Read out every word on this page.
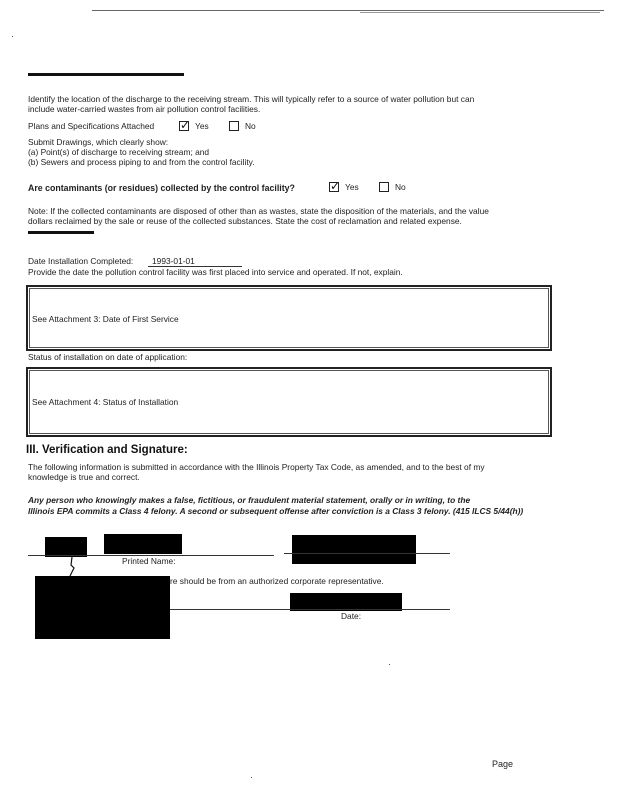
Identify the location of the discharge to the receiving stream. This will typically refer to a source of water pollution but can
include water-carried wastes from air pollution control facilities.
Plans and Specifications Attached ✓	Yes	No
Submit Drawings, which clearly show:
(a) Point(s) of discharge to receiving stream; and
(b) Sewers and process piping to and from the control facility.
Are contaminants (or residues) collected by the control facility? ✓	Yes	No
Note: If the collected contaminants are disposed of other than as wastes, state the disposition of the materials, and the value
dollars reclaimed by the sale or reuse of the collected substances. State the cost of reclamation and related expense.
Date Installation Completed: 1993-01-01
Provide the date the pollution control facility was first placed into service and operated. If not, explain.
See Attachment 3: Date of First Service
Status of installation on date of application:
See Attachment 4: Status of Installation
III. Verification and Signature:
The following information is submitted in accordance with the Illinois Property Tax Code, as amended, and to the best of my
knowledge is true and correct.
Any person who knowingly makes a false, fictitious, or fraudulent material statement, orally or in writing, to the
Illinois EPA commits a Class 4 felony. A second or subsequent offense after conviction is a Class 3 felony. (415 ILCS 5/44(h))
Printed Name:
re should be from an authorized corporate representative.
Date:
Page
